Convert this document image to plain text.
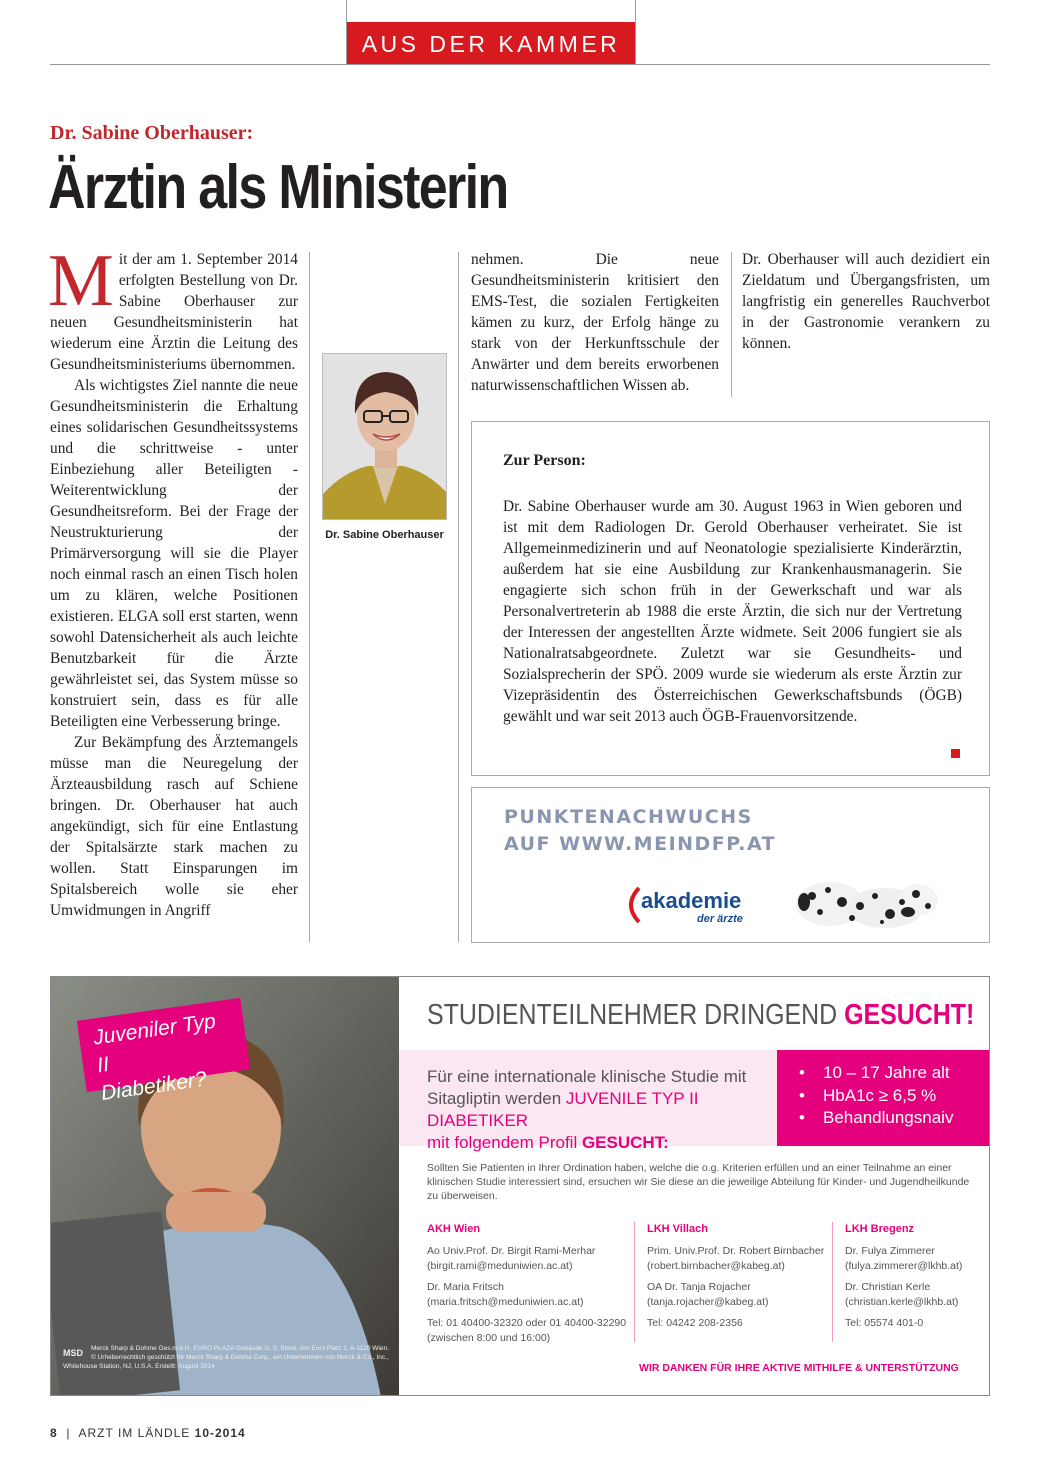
AUS DER KAMMER
Dr. Sabine Oberhauser:
Ärztin als Ministerin

Mit der am 1. September 2014 erfolgten Bestellung von Dr. Sabine Oberhauser zur neuen Gesundheitsministerin hat wiederum eine Ärztin die Leitung des Gesundheitsministeriums übernommen.

Als wichtigstes Ziel nannte die neue Gesundheitsministerin die Erhaltung eines solidarischen Gesundheitssystems und die schrittweise - unter Einbeziehung aller Beteiligten - Weiterentwicklung der Gesundheitsreform. Bei der Frage der Neustrukturierung der Primärversorgung will sie die Player noch einmal rasch an einen Tisch holen um zu klären, welche Positionen existieren. ELGA soll erst starten, wenn sowohl Datensicherheit als auch leichte Benutzbarkeit für die Ärzte gewährleistet sei, das System müsse so konstruiert sein, dass es für alle Beteiligten eine Verbesserung bringe.

Zur Bekämpfung des Ärztemangels müsse man die Neuregelung der Ärzteausbildung rasch auf Schiene bringen. Dr. Oberhauser hat auch angekündigt, sich für eine Entlastung der Spitalsärzte stark machen zu wollen. Statt Einsparungen im Spitalsbereich wolle sie eher Umwidmungen in Angriff

Dr. Sabine Oberhauser

nehmen. Die neue Gesundheitsministerin kritisiert den EMS-Test, die sozialen Fertigkeiten kämen zu kurz, der Erfolg hänge zu stark von der Herkunftsschule der Anwärter und dem bereits erworbenen naturwissenschaftlichen Wissen ab.

Dr. Oberhauser will auch dezidiert ein Zieldatum und Übergangsfristen, um langfristig ein generelles Rauchverbot in der Gastronomie verankern zu können.

Zur Person:
Dr. Sabine Oberhauser wurde am 30. August 1963 in Wien geboren und ist mit dem Radiologen Dr. Gerold Oberhauser verheiratet. Sie ist Allgemeinmedizinerin und auf Neonatologie spezialisierte Kinderärztin, außerdem hat sie eine Ausbildung zur Krankenhausmanagerin. Sie engagierte sich schon früh in der Gewerkschaft und war als Personalvertreterin ab 1988 die erste Ärztin, die sich nur der Vertretung der Interessen der angestellten Ärzte widmete. Seit 2006 fungiert sie als Nationalratsabgeordnete. Zuletzt war sie Gesundheits- und Sozialsprecherin der SPÖ. 2009 wurde sie wiederum als erste Ärztin zur Vizepräsidentin des Österreichischen Gewerkschaftsbunds (ÖGB) gewählt und war seit 2013 auch ÖGB-Frauenvorsitzende.
PUNKTENACHWUCHS
AUF WWW.MEINDFP.AT
akademie
der ärzte
Juveniler Typ II
Diabetiker?
MSD Merck Sharp & Dohme Ges.m.b.H, EURO PLAZA Gebäude G, 5. Stock, Am Euro Platz 2, A-1120 Wien. © Urheberrechtlich geschützt für Merck Sharp & Dohme Corp., ein Unternehmen von Merck & Co., Inc., Whitehouse Station, NJ, U.S.A. Erstellt: August 2014
STUDIENTEILNEHMER DRINGEND GESUCHT!
Für eine internationale klinische Studie mit Sitagliptin werden JUVENILE TYP II DIABETIKER
mit folgendem Profil GESUCHT:
• 10 – 17 Jahre alt
• HbA1c ≥ 6,5 %
• Behandlungsnaiv
Sollten Sie Patienten in Ihrer Ordination haben, welche die o.g. Kriterien erfüllen und an einer Teilnahme an einer klinischen Studie interessiert sind, ersuchen wir Sie diese an die jeweilige Abteilung für Kinder- und Jugendheilkunde zu überweisen.
AKH Wien

Ao Univ.Prof. Dr. Birgit Rami-Merhar
(birgit.rami@meduniwien.ac.at)

Dr. Maria Fritsch
(maria.fritsch@meduniwien.ac.at)

Tel: 01 40400-32320 oder 01 40400-32290
(zwischen 8:00 und 16:00)

LKH Villach

Prim. Univ.Prof. Dr. Robert Birnbacher
(robert.birnbacher@kabeg.at)

OA Dr. Tanja Rojacher
(tanja.rojacher@kabeg.at)

Tel: 04242 208-2356

LKH Bregenz

Dr. Fulya Zimmerer
(fulya.zimmerer@lkhb.at)

Dr. Christian Kerle
(christian.kerle@lkhb.at)

Tel: 05574 401-0

WIR DANKEN FÜR IHRE AKTIVE MITHILFE & UNTERSTÜTZUNG
8 | ARZT IM LÄNDLE 10-2014
